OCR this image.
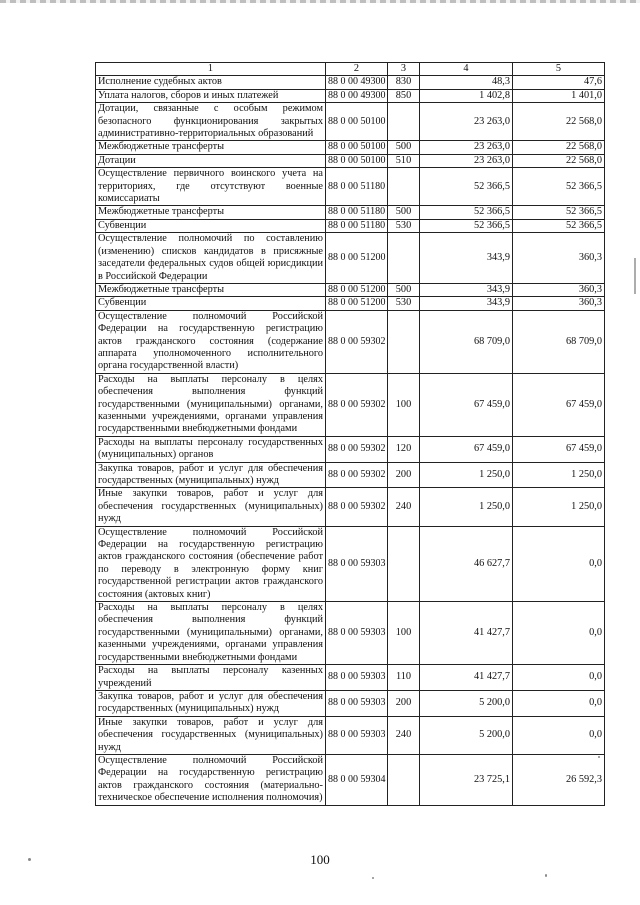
1	2	3	4	5
Исполнение судебных актов	88 0 00 49300	830	48,3	47,6
Уплата налогов, сборов и иных платежей	88 0 00 49300	850	1 402,8	1 401,0
Дотации, связанные с особым режимом безопасного функционирования закрытых административно-территориальных образований	88 0 00 50100		23 263,0	22 568,0
Межбюджетные трансферты	88 0 00 50100	500	23 263,0	22 568,0
Дотации	88 0 00 50100	510	23 263,0	22 568,0
Осуществление первичного воинского учета на территориях, где отсутствуют военные комиссариаты	88 0 00 51180		52 366,5	52 366,5
Межбюджетные трансферты	88 0 00 51180	500	52 366,5	52 366,5
Субвенции	88 0 00 51180	530	52 366,5	52 366,5
Осуществление полномочий по составлению (изменению) списков кандидатов в присяжные заседатели федеральных судов общей юрисдикции в Российской Федерации	88 0 00 51200		343,9	360,3
Межбюджетные трансферты	88 0 00 51200	500	343,9	360,3
Субвенции	88 0 00 51200	530	343,9	360,3
Осуществление полномочий Российской Федерации на государственную регистрацию актов гражданского состояния (содержание аппарата уполномоченного исполнительного органа государственной власти)	88 0 00 59302		68 709,0	68 709,0
Расходы на выплаты персоналу в целях обеспечения выполнения функций государственными (муниципальными) органами, казенными учреждениями, органами управления государственными внебюджетными фондами	88 0 00 59302	100	67 459,0	67 459,0
Расходы на выплаты персоналу государственных (муниципальных) органов	88 0 00 59302	120	67 459,0	67 459,0
Закупка товаров, работ и услуг для обеспечения государственных (муниципальных) нужд	88 0 00 59302	200	1 250,0	1 250,0
Иные закупки товаров, работ и услуг для обеспечения государственных (муниципальных) нужд	88 0 00 59302	240	1 250,0	1 250,0
Осуществление полномочий Российской Федерации на государственную регистрацию актов гражданского состояния (обеспечение работ по переводу в электронную форму книг государственной регистрации актов гражданского состояния (актовых книг)	88 0 00 59303		46 627,7	0,0
Расходы на выплаты персоналу в целях обеспечения выполнения функций государственными (муниципальными) органами, казенными учреждениями, органами управления государственными внебюджетными фондами	88 0 00 59303	100	41 427,7	0,0
Расходы на выплаты персоналу казенных учреждений	88 0 00 59303	110	41 427,7	0,0
Закупка товаров, работ и услуг для обеспечения государственных (муниципальных) нужд	88 0 00 59303	200	5 200,0	0,0
Иные закупки товаров, работ и услуг для обеспечения государственных (муниципальных) нужд	88 0 00 59303	240	5 200,0	0,0
Осуществление полномочий Российской Федерации на государственную регистрацию актов гражданского состояния (материально-техническое обеспечение исполнения полномочия)	88 0 00 59304		23 725,1	26 592,3
100
